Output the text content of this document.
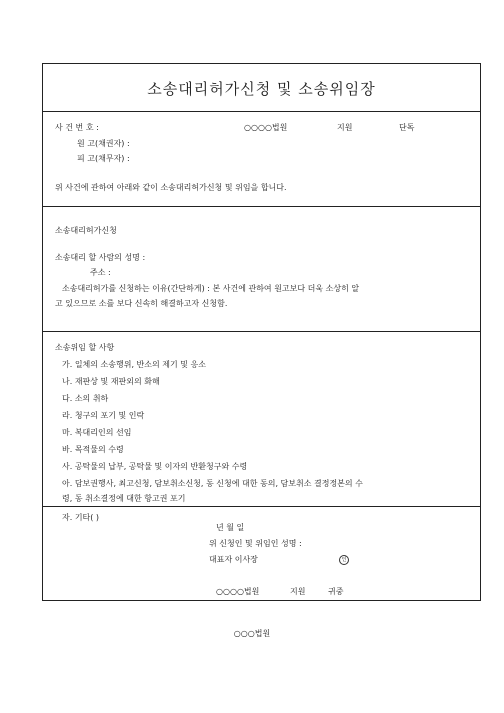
소송대리허가신청 및 소송위임장
사 건 번 호 :	○○○○법원	지원	단독
원 고(채권자) :
피 고(채무자) :
위 사건에 관하여 아래와 같이 소송대리허가신청 및 위임을 합니다.
소송대리허가신청
소송대리 할 사람의 성명 :
주소 :
소송대리허가를 신청하는 이유(간단하게) : 본 사건에 관하여 원고보다 더욱 소상히 알
고 있으므로 소를 보다 신속히 해결하고자 신청함.
소송위임 할 사항
가. 일체의 소송행위, 반소의 제기 및 응소
나. 재판상 및 재판외의 화해
다. 소의 취하
라. 청구의 포기 및 인락
마. 복대리인의 선임
바. 목적물의 수령
사. 공탁물의 납부, 공탁물 및 이자의 반환청구와 수령
아. 담보권행사, 최고신청, 담보취소신청, 동 신청에 대한 동의, 담보취소 결정정본의 수
령, 동 취소결정에 대한 항고권 포기
자. 기타( )
년 월 일
위 신청인 및 위임인 성명 :
대표자 이사장	인
○○○○법원	지원	귀중
○○○법원
